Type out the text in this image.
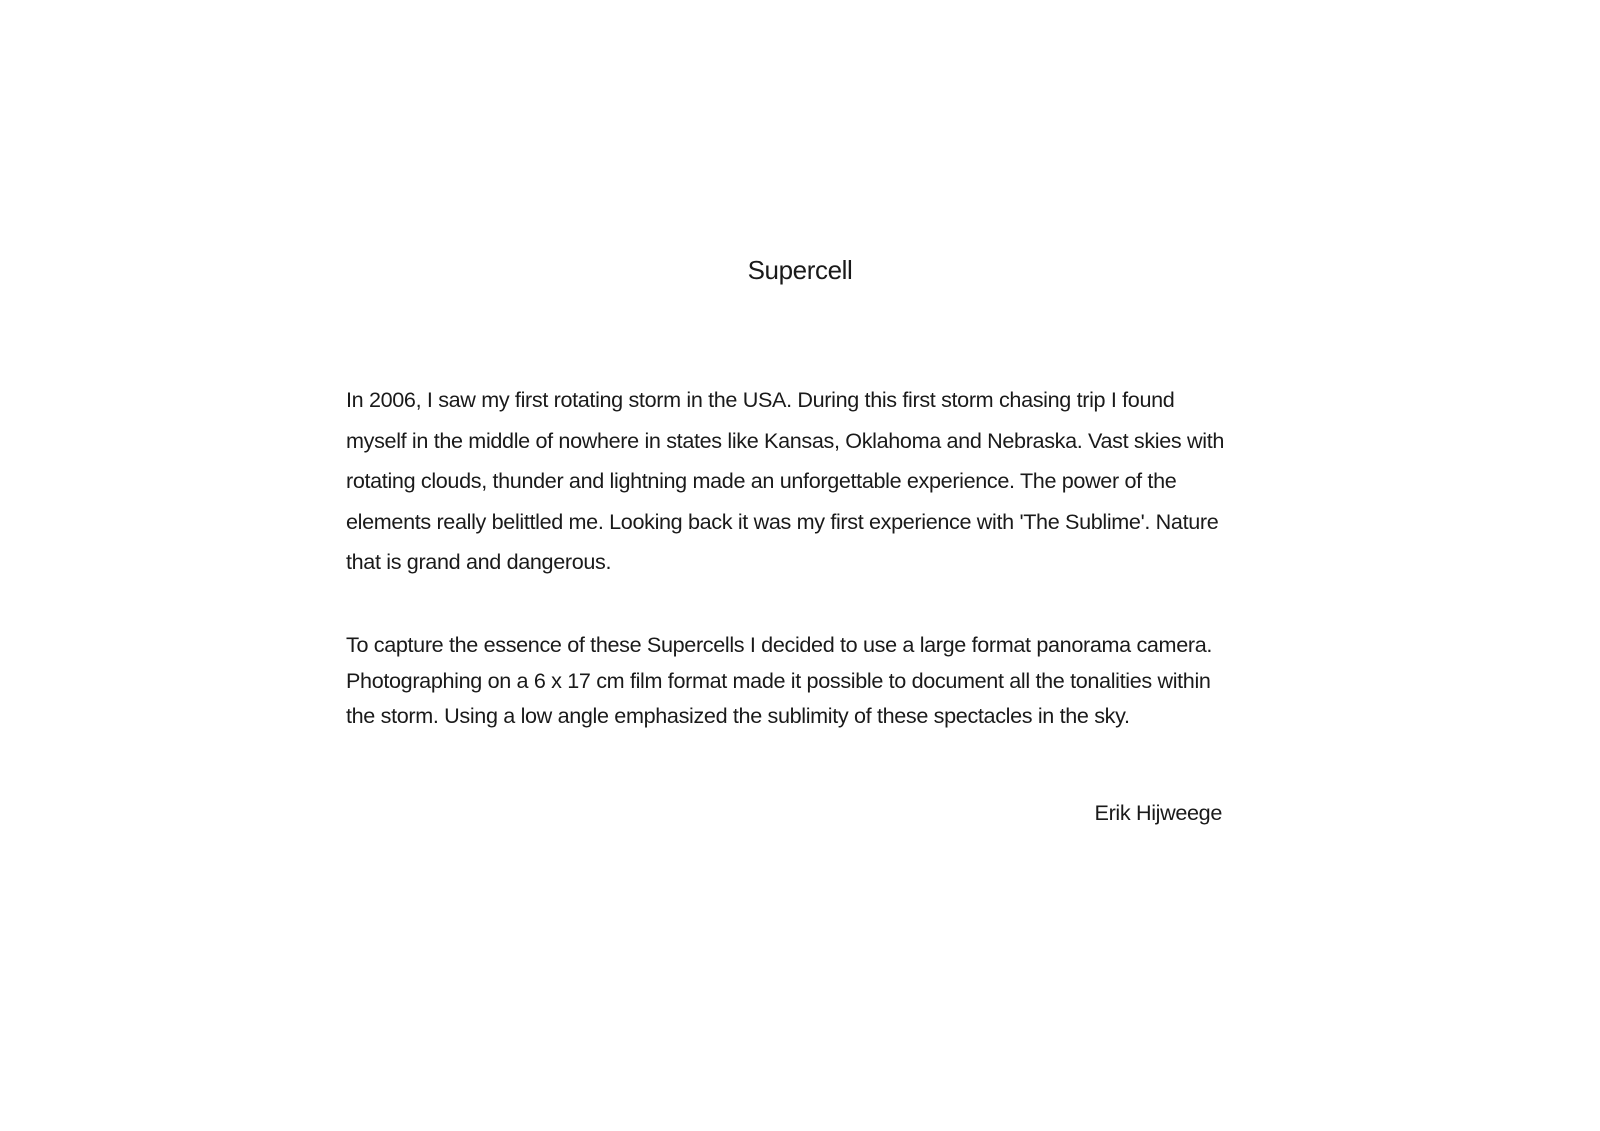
Supercell

In 2006, I saw my first rotating storm in the USA. During this first storm chasing trip I found myself in the middle of nowhere in states like Kansas, Oklahoma and Nebraska. Vast skies with rotating clouds, thunder and lightning made an unforgettable experience. The power of the elements really belittled me. Looking back it was my first experience with 'The Sublime'. Nature that is grand and dangerous.

To capture the essence of these Supercells I decided to use a large format panorama camera. Photographing on a 6 x 17 cm film format made it possible to document all the tonalities within the storm. Using a low angle emphasized the sublimity of these spectacles in the sky.

Erik Hijweege
